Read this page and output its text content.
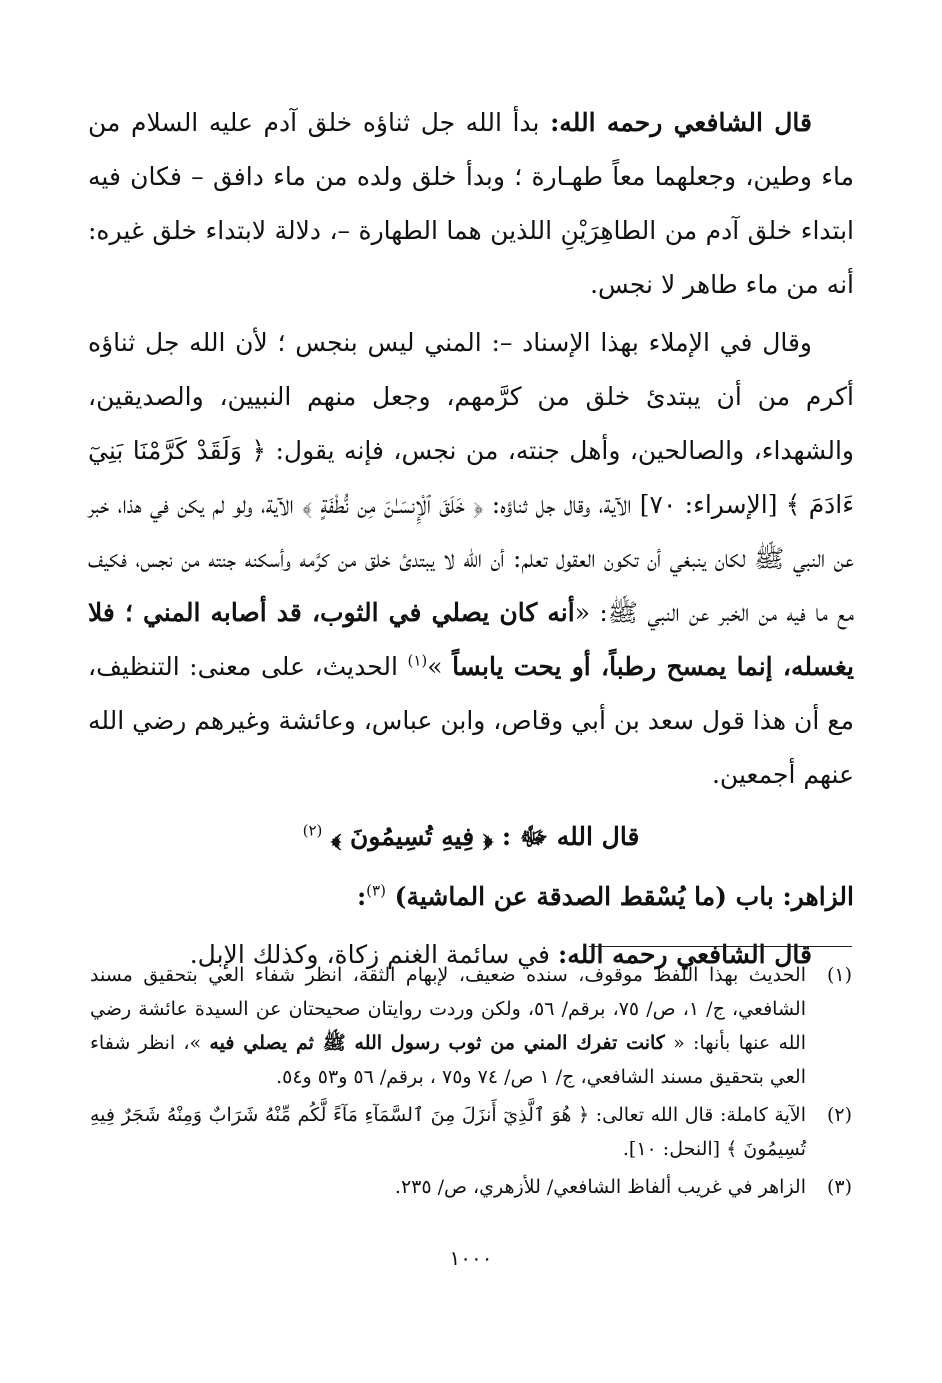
قال الشافعي رحمه الله: بدأ الله جل ثناؤه خلق آدم عليه السلام من ماء وطين، وجعلهما معاً طهـارة ؛ وبدأ خلق ولده من ماء دافق – فكان فيه ابتداء خلق آدم من الطاهِرَيْنِ اللذين هما الطهارة –، دلالة لابتداء خلق غيره: أنه من ماء طاهر لا نجس.

وقال في الإملاء بهذا الإسناد –: المني ليس بنجس ؛ لأن الله جل ثناؤه أكرم من أن يبتدئ خلق من كرَّمهم، وجعل منهم النبيين، والصديقين، والشهداء، والصالحين، وأهل جنته، من نجس، فإنه يقول: ﴿ وَلَقَدْ كَرَّمْنَا بَنِيٓ ءَادَمَ ﴾ [الإسراء: ٧٠] الآية، وقال جل ثناؤه: ﴿ خَلَقَ ٱلْإِنسَـٰنَ مِن نُّطْفَةٍ ﴾ الآية، ولو لم يكن في هذا، خبر عن النبي ﷺ لكان ينبغي أن تكون العقول تعلم: أن الله لا يبتدئ خلق من كرَّمه وأسكنه جنته من نجس، فكيف مع ما فيه من الخبر عن النبي ﷺ: «أنه كان يصلي في الثوب، قد أصابه المني ؛ فلا يغسله، إنما يمسح رطباً، أو يحت يابساً »$^{(١)}$ الحديث، على معنى: التنظيف، مع أن هذا قول سعد بن أبي وقاص، وابن عباس، وعائشة وغيرهم رضي الله عنهم أجمعين.

قال الله ﷻ : ﴿ فِيهِ تُسِيمُونَ ﴾ $^{(٢)}$

الزاهر: باب (ما يُسْقط الصدقة عن الماشية) $^{(٣)}$:

قال الشافعي رحمه الله: في سائمة الغنم زكاة، وكذلك الإبل.

(١)
الحديث بهذا اللفظ موقوف، سنده ضعيف، لإبهام الثقة، انظر شفاء العي بتحقيق مسند الشافعي، ج/ ١، ص/ ٧٥، برقم/ ٥٦، ولكن وردت روايتان صحيحتان عن السيدة عائشة رضي الله عنها بأنها: « كانت تفرك المني من ثوب رسول الله ﷺ ثم يصلي فيه »، انظر شفاء العي بتحقيق مسند الشافعي، ج/ ١ ص/ ٧٤ و٧٥ ، برقم/ ٥٦ و٥٣ و٥٤.
(٢)
الآية كاملة: قال الله تعالى: ﴿ هُوَ ٱلَّذِيٓ أَنزَلَ مِنَ ٱلسَّمَآءِ مَآءً لَّكُم مِّنْهُ شَرَابٌ وَمِنْهُ شَجَرٌ فِيهِ تُسِيمُونَ ﴾ [النحل: ١٠].
(٣)
الزاهر في غريب ألفاظ الشافعي/ للأزهري، ص/ ٢٣٥.
١٠٠٠
